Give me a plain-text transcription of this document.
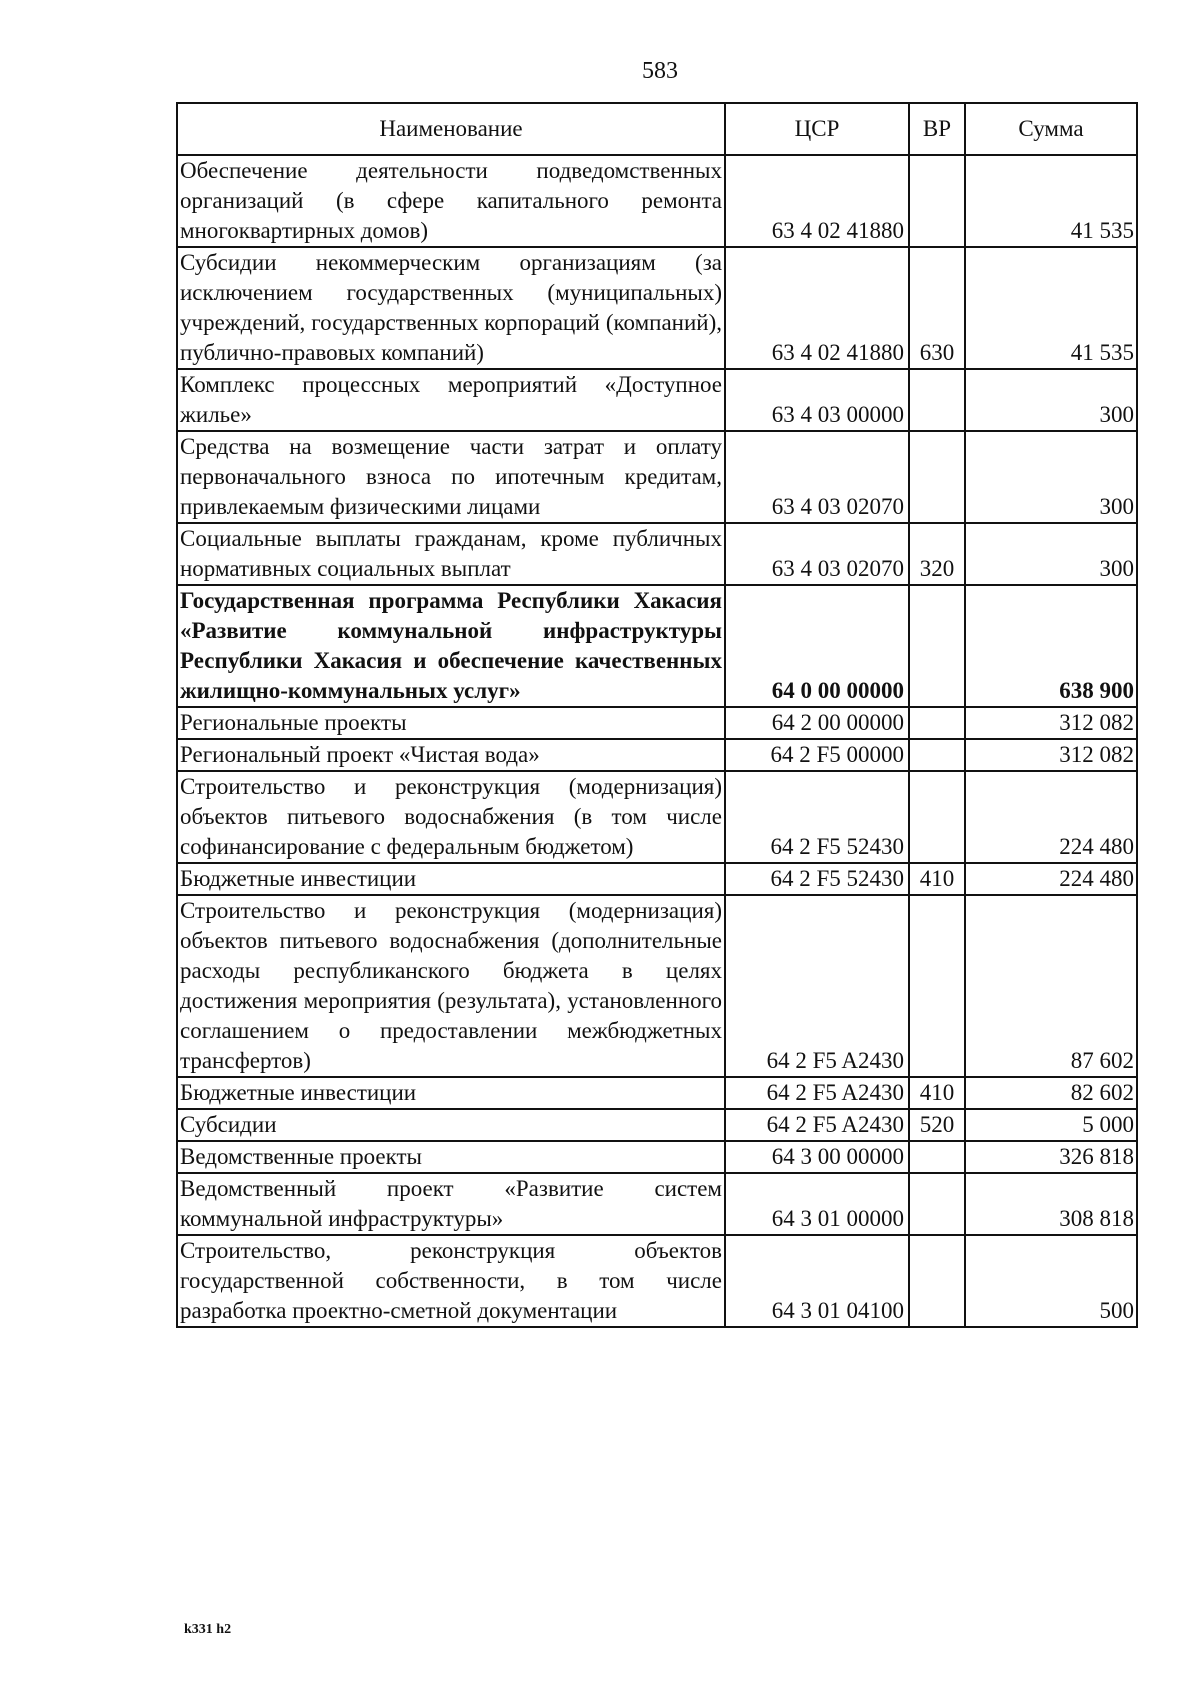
583
Наименование	ЦСР	ВР	Сумма
Обеспечение деятельности подведомственных организаций (в сфере капитального ремонта многоквартирных домов)	63 4 02 41880		41 535
Субсидии некоммерческим организациям (за исключением государственных (муниципальных) учреждений, государственных корпораций (компаний), публично-правовых компаний)	63 4 02 41880	630	41 535
Комплекс процессных мероприятий «Доступное жилье»	63 4 03 00000		300
Средства на возмещение части затрат и оплату первоначального взноса по ипотечным кредитам, привлекаемым физическими лицами	63 4 03 02070		300
Социальные выплаты гражданам, кроме публичных нормативных социальных выплат	63 4 03 02070	320	300
Государственная программа Республики Хакасия «Развитие коммунальной инфраструктуры Республики Хакасия и обеспечение качественных жилищно-коммунальных услуг»	64 0 00 00000		638 900
Региональные проекты	64 2 00 00000		312 082
Региональный проект «Чистая вода»	64 2 F5 00000		312 082
Строительство и реконструкция (модернизация) объектов питьевого водоснабжения (в том числе софинансирование с федеральным бюджетом)	64 2 F5 52430		224 480
Бюджетные инвестиции	64 2 F5 52430	410	224 480
Строительство и реконструкция (модернизация) объектов питьевого водоснабжения (дополнительные расходы республиканского бюджета в целях достижения мероприятия (результата), установленного соглашением о предоставлении межбюджетных трансфертов)	64 2 F5 A2430		87 602
Бюджетные инвестиции	64 2 F5 A2430	410	82 602
Субсидии	64 2 F5 A2430	520	5 000
Ведомственные проекты	64 3 00 00000		326 818
Ведомственный проект «Развитие систем коммунальной инфраструктуры»	64 3 01 00000		308 818
Строительство, реконструкция объектов государственной собственности, в том числе разработка проектно-сметной документации	64 3 01 04100		500
k331 h2
